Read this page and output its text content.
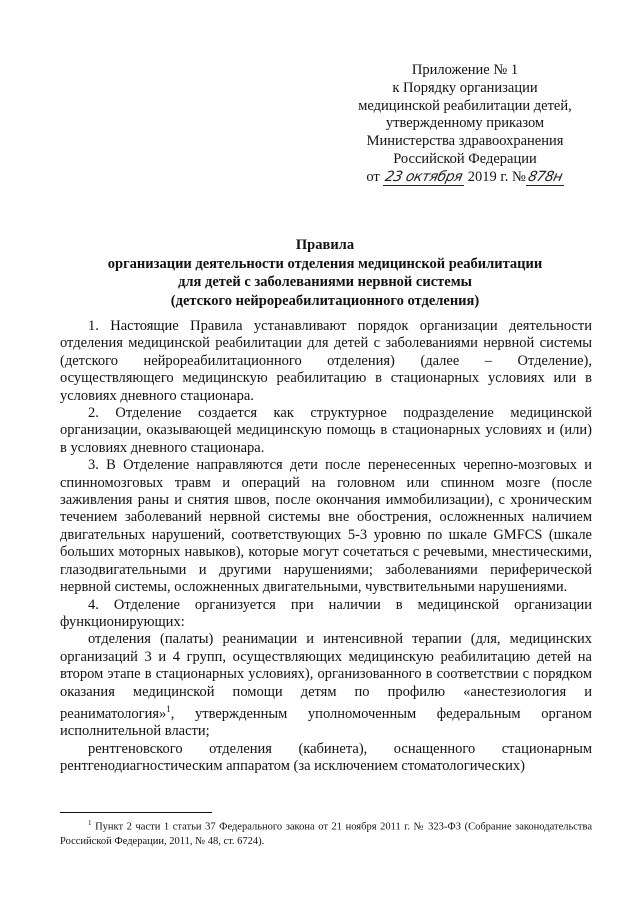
Приложение № 1
к Порядку организации
медицинской реабилитации детей,
утвержденному приказом
Министерства здравоохранения
Российской Федерации
от 23 октября 2019 г. №878н
Правила
организации деятельности отделения медицинской реабилитации
для детей с заболеваниями нервной системы
(детского нейрореабилитационного отделения)

1. Настоящие Правила устанавливают порядок организации деятельности отделения медицинской реабилитации для детей с заболеваниями нервной системы (детского нейрореабилитационного отделения) (далее – Отделение), осуществляющего медицинскую реабилитацию в стационарных условиях или в условиях дневного стационара.

2. Отделение создается как структурное подразделение медицинской организации, оказывающей медицинскую помощь в стационарных условиях и (или) в условиях дневного стационара.

3. В Отделение направляются дети после перенесенных черепно-мозговых и спинномозговых травм и операций на головном или спинном мозге (после заживления раны и снятия швов, после окончания иммобилизации), с хроническим течением заболеваний нервной системы вне обострения, осложненных наличием двигательных нарушений, соответствующих 5-3 уровню по шкале GMFCS (шкале больших моторных навыков), которые могут сочетаться с речевыми, мнестическими, глазодвигательными и другими нарушениями; заболеваниями периферической нервной системы, осложненных двигательными, чувствительными нарушениями.

4. Отделение организуется при наличии в медицинской организации функционирующих:

отделения (палаты) реанимации и интенсивной терапии (для, медицинских организаций 3 и 4 групп, осуществляющих медицинскую реабилитацию детей на втором этапе в стационарных условиях), организованного в соответствии с порядком оказания медицинской помощи детям по профилю «анестезиология и реаниматология»$^1$, утвержденным уполномоченным федеральным органом исполнительной власти;

рентгеновского отделения (кабинета), оснащенного стационарным рентгенодиагностическим аппаратом (за исключением стоматологических)

$^1$ Пункт 2 части 1 статьи 37 Федерального закона от 21 ноября 2011 г. № 323-ФЗ (Собрание законодательства Российской Федерации, 2011, № 48, ст. 6724).
